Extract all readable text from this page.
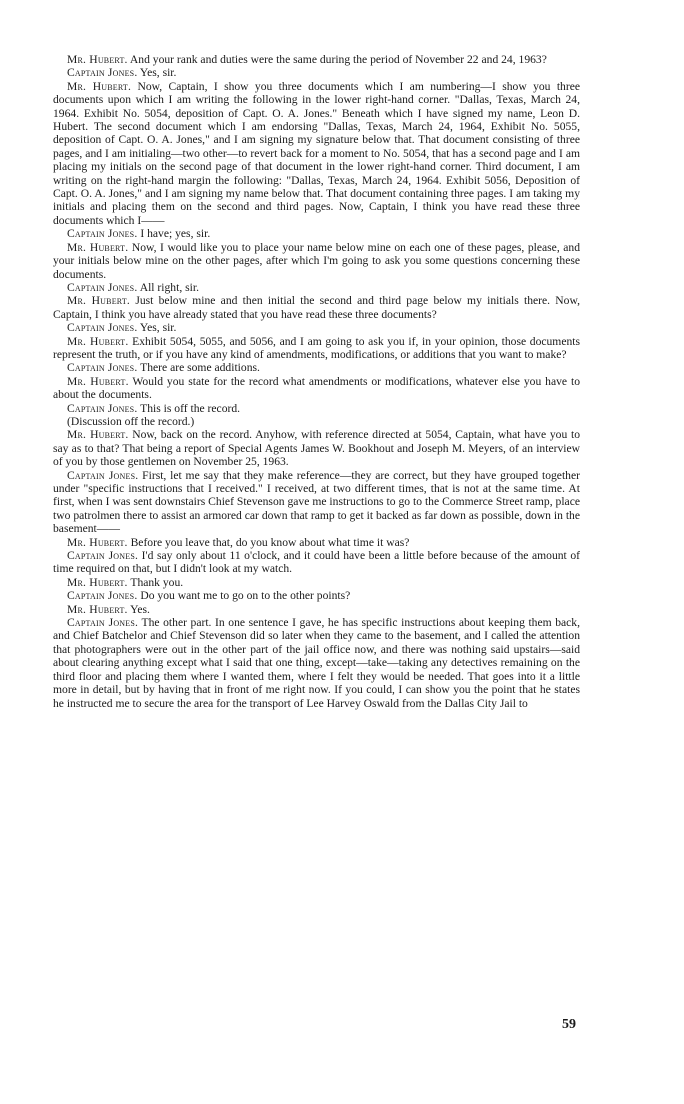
Mr. Hubert. And your rank and duties were the same during the period of November 22 and 24, 1963?

Captain Jones. Yes, sir.

Mr. Hubert. Now, Captain, I show you three documents which I am numbering—I show you three documents upon which I am writing the following in the lower right-hand corner. "Dallas, Texas, March 24, 1964. Exhibit No. 5054, deposition of Capt. O. A. Jones." Beneath which I have signed my name, Leon D. Hubert. The second document which I am endorsing "Dallas, Texas, March 24, 1964, Exhibit No. 5055, deposition of Capt. O. A. Jones," and I am signing my signature below that. That document consisting of three pages, and I am initialing—two other—to revert back for a moment to No. 5054, that has a second page and I am placing my initials on the second page of that document in the lower right-hand corner. Third document, I am writing on the right-hand margin the following: "Dallas, Texas, March 24, 1964. Exhibit 5056, Deposition of Capt. O. A. Jones," and I am signing my name below that. That document containing three pages. I am taking my initials and placing them on the second and third pages. Now, Captain, I think you have read these three documents which I——

Captain Jones. I have; yes, sir.

Mr. Hubert. Now, I would like you to place your name below mine on each one of these pages, please, and your initials below mine on the other pages, after which I'm going to ask you some questions concerning these documents.

Captain Jones. All right, sir.

Mr. Hubert. Just below mine and then initial the second and third page below my initials there. Now, Captain, I think you have already stated that you have read these three documents?

Captain Jones. Yes, sir.

Mr. Hubert. Exhibit 5054, 5055, and 5056, and I am going to ask you if, in your opinion, those documents represent the truth, or if you have any kind of amendments, modifications, or additions that you want to make?

Captain Jones. There are some additions.

Mr. Hubert. Would you state for the record what amendments or modifications, whatever else you have to about the documents.

Captain Jones. This is off the record.

(Discussion off the record.)

Mr. Hubert. Now, back on the record. Anyhow, with reference directed at 5054, Captain, what have you to say as to that? That being a report of Special Agents James W. Bookhout and Joseph M. Meyers, of an interview of you by those gentlemen on November 25, 1963.

Captain Jones. First, let me say that they make reference—they are correct, but they have grouped together under "specific instructions that I received." I received, at two different times, that is not at the same time. At first, when I was sent downstairs Chief Stevenson gave me instructions to go to the Commerce Street ramp, place two patrolmen there to assist an armored car down that ramp to get it backed as far down as possible, down in the basement——

Mr. Hubert. Before you leave that, do you know about what time it was?

Captain Jones. I'd say only about 11 o'clock, and it could have been a little before because of the amount of time required on that, but I didn't look at my watch.

Mr. Hubert. Thank you.

Captain Jones. Do you want me to go on to the other points?

Mr. Hubert. Yes.

Captain Jones. The other part. In one sentence I gave, he has specific instructions about keeping them back, and Chief Batchelor and Chief Stevenson did so later when they came to the basement, and I called the attention that photographers were out in the other part of the jail office now, and there was nothing said upstairs—said about clearing anything except what I said that one thing, except—take—taking any detectives remaining on the third floor and placing them where I wanted them, where I felt they would be needed. That goes into it a little more in detail, but by having that in front of me right now. If you could, I can show you the point that he states he instructed me to secure the area for the transport of Lee Harvey Oswald from the Dallas City Jail to

59
